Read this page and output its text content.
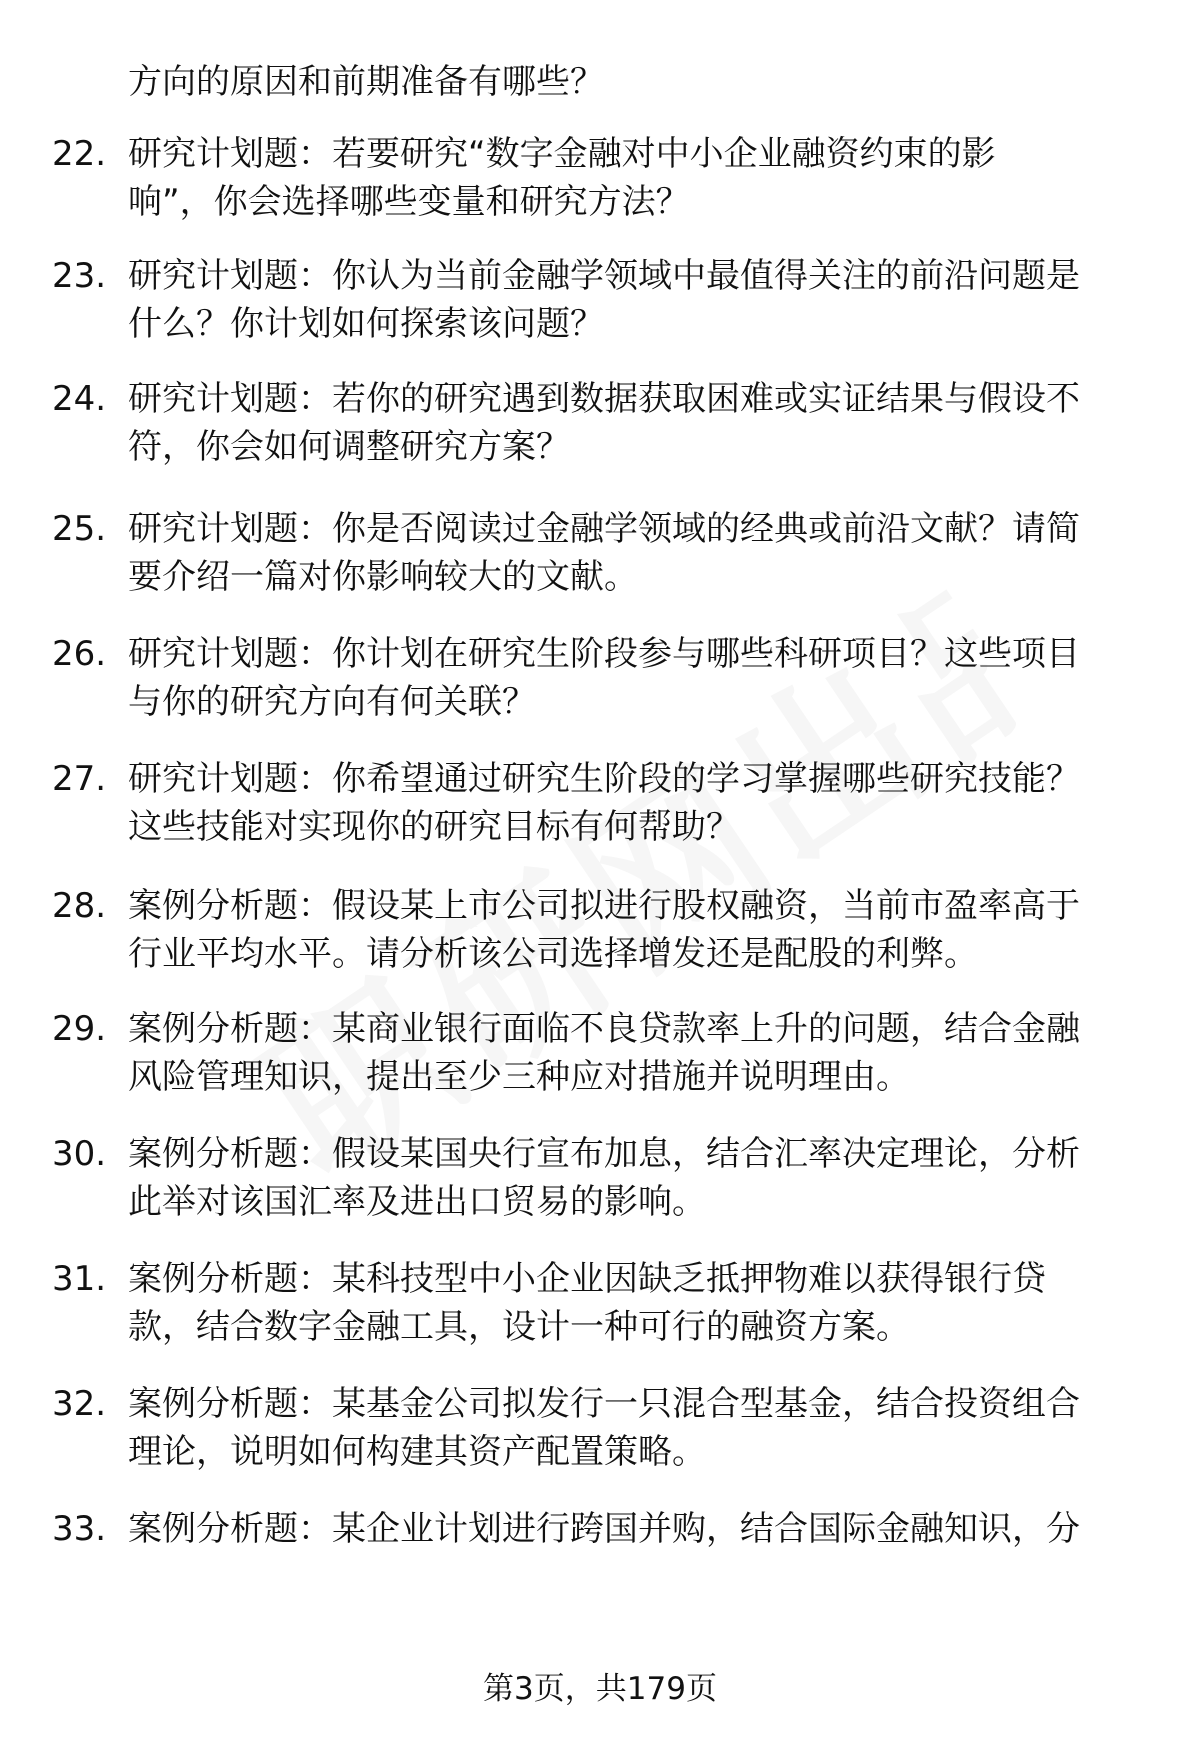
方向的原因和前期准备有哪些？
22. 研究计划题：若要研究“数字金融对中小企业融资约束的影
响”，你会选择哪些变量和研究方法？
23. 研究计划题：你认为当前金融学领域中最值得关注的前沿问题是
什么？你计划如何探索该问题？
24. 研究计划题：若你的研究遇到数据获取困难或实证结果与假设不
符，你会如何调整研究方案？
25. 研究计划题：你是否阅读过金融学领域的经典或前沿文献？请简
要介绍一篇对你影响较大的文献。
26. 研究计划题：你计划在研究生阶段参与哪些科研项目？这些项目
与你的研究方向有何关联？
27. 研究计划题：你希望通过研究生阶段的学习掌握哪些研究技能？
这些技能对实现你的研究目标有何帮助？
28. 案例分析题：假设某上市公司拟进行股权融资，当前市盈率高于
行业平均水平。请分析该公司选择增发还是配股的利弊。
29. 案例分析题：某商业银行面临不良贷款率上升的问题，结合金融
风险管理知识，提出至少三种应对措施并说明理由。
30. 案例分析题：假设某国央行宣布加息，结合汇率决定理论，分析
此举对该国汇率及进出口贸易的影响。
31. 案例分析题：某科技型中小企业因缺乏抵押物难以获得银行贷
款，结合数字金融工具，设计一种可行的融资方案。
32. 案例分析题：某基金公司拟发行一只混合型基金，结合投资组合
理论，说明如何构建其资产配置策略。
33. 案例分析题：某企业计划进行跨国并购，结合国际金融知识，分
第3页，共179页
